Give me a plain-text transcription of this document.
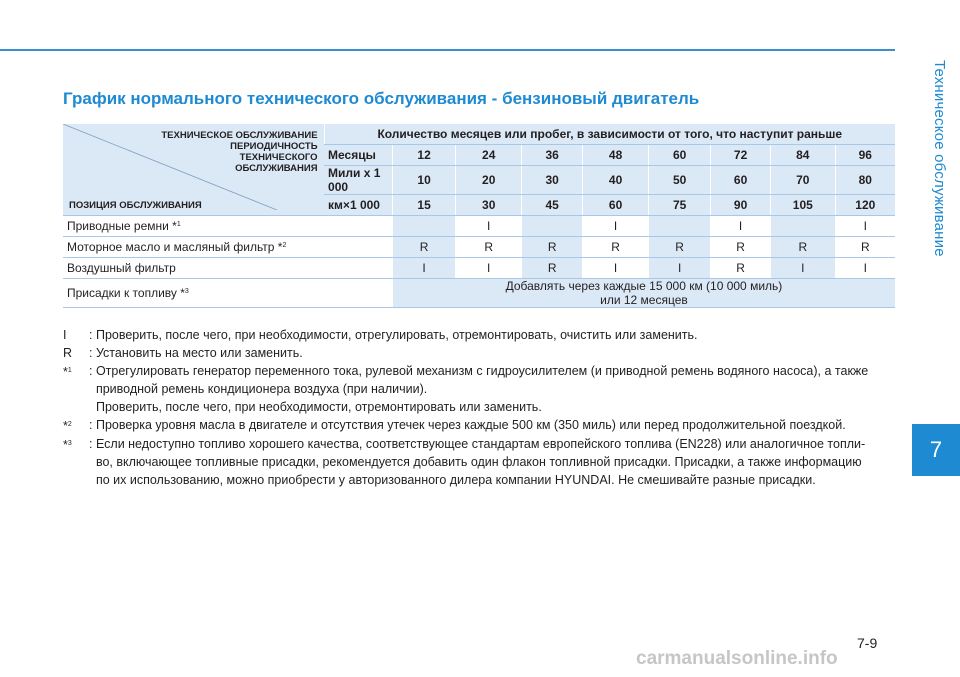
Техническое обслуживание
7
График нормального технического обслуживания - бензиновый двигатель
ТЕХНИЧЕСКОЕ ОБСЛУЖИВАНИЕ
ПЕРИОДИЧНОСТЬ
ТЕХНИЧЕСКОГО
ОБСЛУЖИВАНИЯ
ПОЗИЦИЯ ОБСЛУЖИВАНИЯ	Количество месяцев или пробег, в зависимости от того, что наступит раньше								
	Месяцы	12	24	36	48	60	72	84	96
	Мили x 1 000	10	20	30	40	50	60	70	80
	км×1 000	15	30	45	60	75	90	105	120
Приводные ремни *$^1$			I		I		I		I
Моторное масло и масляный фильтр *$^2$		R	R	R	R	R	R	R	R
Воздушный фильтр		I	I	R	I	I	R	I	I
Присадки к топливу *$^3$		Добавлять через каждые 15 000 км (10 000 миль)
или 12 месяцев							
I	: Проверить, после чего, при необходимости, отрегулировать, отремонтировать, очистить или заменить.
R	: Установить на место или заменить.
*$^1$	: Отрегулировать генератор переменного тока, рулевой механизм с гидроусилителем (и приводной ремень водяного насоса), а также
приводной ремень кондиционера воздуха (при наличии).
Проверить, после чего, при необходимости, отремонтировать или заменить.
*$^2$	: Проверка уровня масла в двигателе и отсутствия утечек через каждые 500 км (350 миль) или перед продолжительной поездкой.
*$^3$	: Если недоступно топливо хорошего качества, соответствующее стандартам европейского топлива (EN228) или аналогичное топли-
во, включающее топливные присадки, рекомендуется добавить один флакон топливной присадки. Присадки, а также информацию
по их использованию, можно приобрести у авторизованного дилера компании HYUNDAI. Не смешивайте разные присадки.
7-9
carmanualsonline.info
